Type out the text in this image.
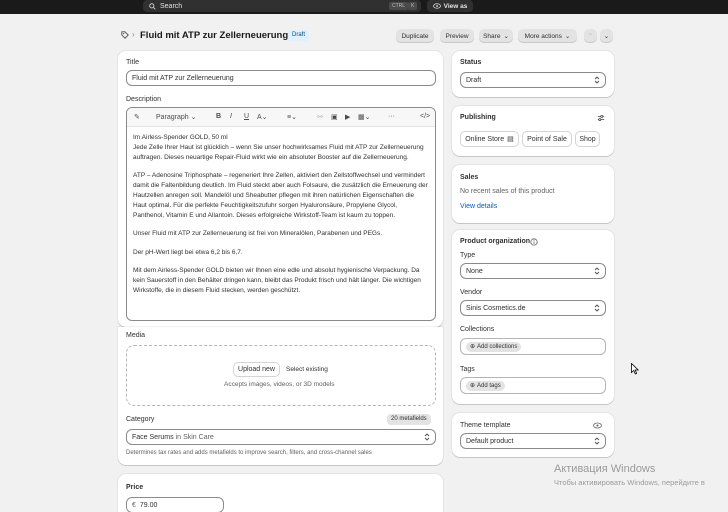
Search	CTRL	K	View as
› Fluid mit ATP zur Zellerneuerung Draft	Duplicate	Preview Share ⌄ More actions ⌄	⌃ ⌄
Title
Fluid mit ATP zur Zellerneuerung
Description
✎ Paragraph ⌄	B I U A⌄	≡⌄	⚯ ▣ ▶ ▦⌄	···	</>

Im Airless-Spender GOLD, 50 ml
Jede Zelle Ihrer Haut ist glücklich – wenn Sie unser hochwirksames Fluid mit ATP zur Zellerneuerung auftragen. Dieses neuartige Repair-Fluid wirkt wie ein absoluter Booster auf die Zellerneuerung.

ATP – Adenosine Triphosphate – regeneriert Ihre Zellen, aktiviert den Zellstoffwechsel und vermindert damit die Faltenbildung deutlich. Im Fluid steckt aber auch Folsaure, die zusätzlich die Erneuerung der Hautzellen anregen soll. Mandelöl und Sheabutter pflegen mit ihren natürlichen Eigenschaften die Haut optimal. Für die perfekte Feuchtigkeitszufuhr sorgen Hyaluronsäure, Propylene Glycol, Panthenol, Vitamin E und Allantoin. Dieses erfolgreiche Wirkstoff-Team ist kaum zu toppen.

Unser Fluid mit ATP zur Zellerneuerung ist frei von Mineralölen, Parabenen und PEGs.

Der pH-Wert liegt bei etwa 6,2 bis 6,7.

Mit dem Airless-Spender GOLD bieten wir Ihnen eine edle und absolut hygienische Verpackung. Da kein Sauerstoff in den Behälter dringen kann, bleibt das Produkt frisch und hält länger. Die wichtigen Wirkstoffe, die in diesem Fluid stecken, werden geschützt.

Media
Upload new Select existing
Accepts images, videos, or 3D models
Category	20 metafields
Face Serums in Skin Care
Determines tax rates and adds metafields to improve search, filters, and cross-channel sales
Price
€ 79.00
Status
Draft
Publishing
Online Store ▤ Point of Sale Shop
Sales
No recent sales of this product
View details
Product organization
Type
None
Vendor
Sinis Cosmetics.de
Collections
⊕ Add collections
Tags
⊕ Add tags
Theme template
Default product
Активация Windows
Чтобы активировать Windows, перейдите в
